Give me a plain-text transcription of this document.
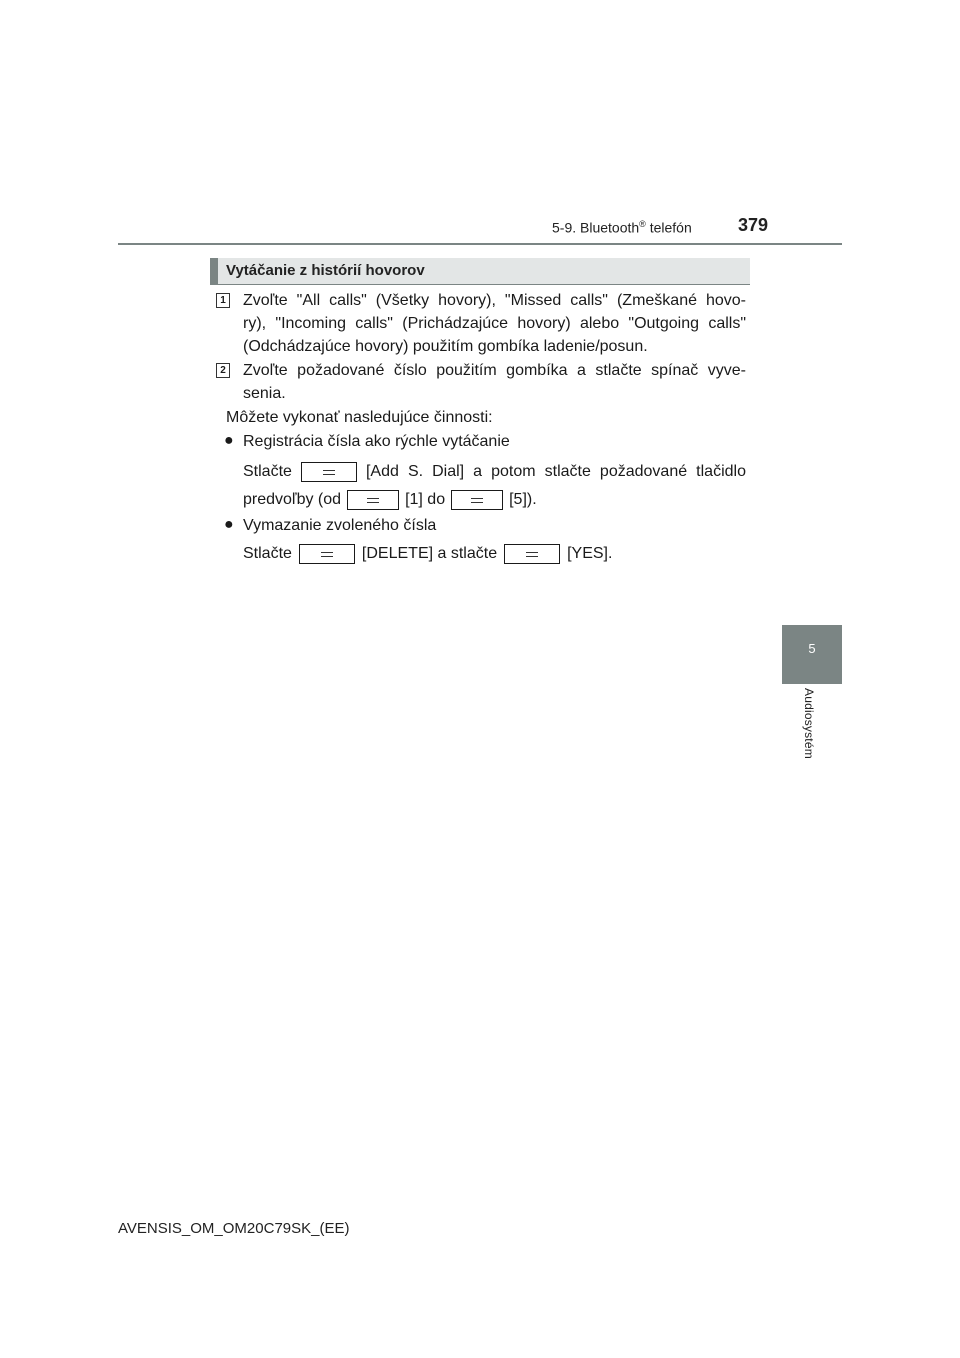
5-9. Bluetooth® telefón	379
5
Audiosystém
Vytáčanie z histórií hovorov
1 Zvoľte "All calls" (Všetky hovory), "Missed calls" (Zmeškané hovo-
ry), "Incoming calls" (Prichádzajúce hovory) alebo "Outgoing calls"
(Odchádzajúce hovory) použitím gombíka ladenie/posun.
2 Zvoľte požadované číslo použitím gombíka a stlačte spínač vyve-
senia.
Môžete vykonať nasledujúce činnosti:
● Registrácia čísla ako rýchle vytáčanie
Stlačte	[Add S. Dial] a potom stlačte požadované tlačidlo
predvoľby (od	[1] do	[5]).
● Vymazanie zvoleného čísla
Stlačte	[DELETE] a stlačte	[YES].
AVENSIS_OM_OM20C79SK_(EE)
